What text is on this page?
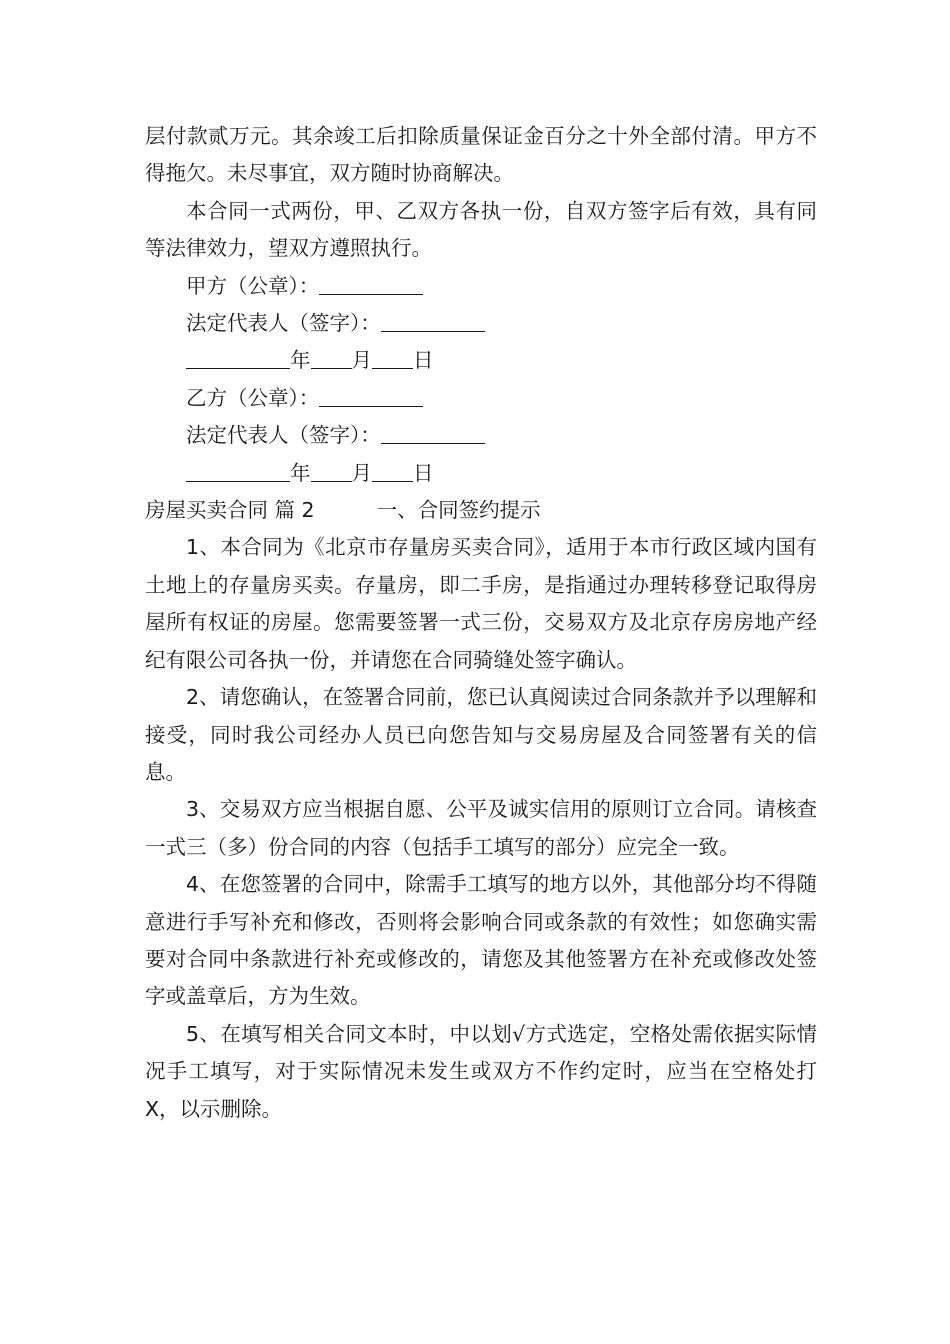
层付款贰万元。其余竣工后扣除质量保证金百分之十外全部付清。甲方不得拖欠。未尽事宜，双方随时协商解决。

本合同一式两份，甲、乙双方各执一份，自双方签字后有效，具有同等法律效力，望双方遵照执行。

甲方（公章）：
法定代表人（签字）：
年 月 日
乙方（公章）：
法定代表人（签字）：
年 月 日
房屋买卖合同 篇 2	一、合同签约提示

1、本合同为《北京市存量房买卖合同》，适用于本市行政区域内国有土地上的存量房买卖。存量房，即二手房，是指通过办理转移登记取得房屋所有权证的房屋。您需要签署一式三份，交易双方及北京存房房地产经纪有限公司各执一份，并请您在合同骑缝处签字确认。

2、请您确认，在签署合同前，您已认真阅读过合同条款并予以理解和接受，同时我公司经办人员已向您告知与交易房屋及合同签署有关的信息。

3、交易双方应当根据自愿、公平及诚实信用的原则订立合同。请核查一式三（多）份合同的内容（包括手工填写的部分）应完全一致。

4、在您签署的合同中，除需手工填写的地方以外，其他部分均不得随意进行手写补充和修改，否则将会影响合同或条款的有效性；如您确实需要对合同中条款进行补充或修改的，请您及其他签署方在补充或修改处签字或盖章后，方为生效。

5、在填写相关合同文本时，中以划√方式选定，空格处需依据实际情况手工填写，对于实际情况未发生或双方不作约定时，应当在空格处打 X，以示删除。
